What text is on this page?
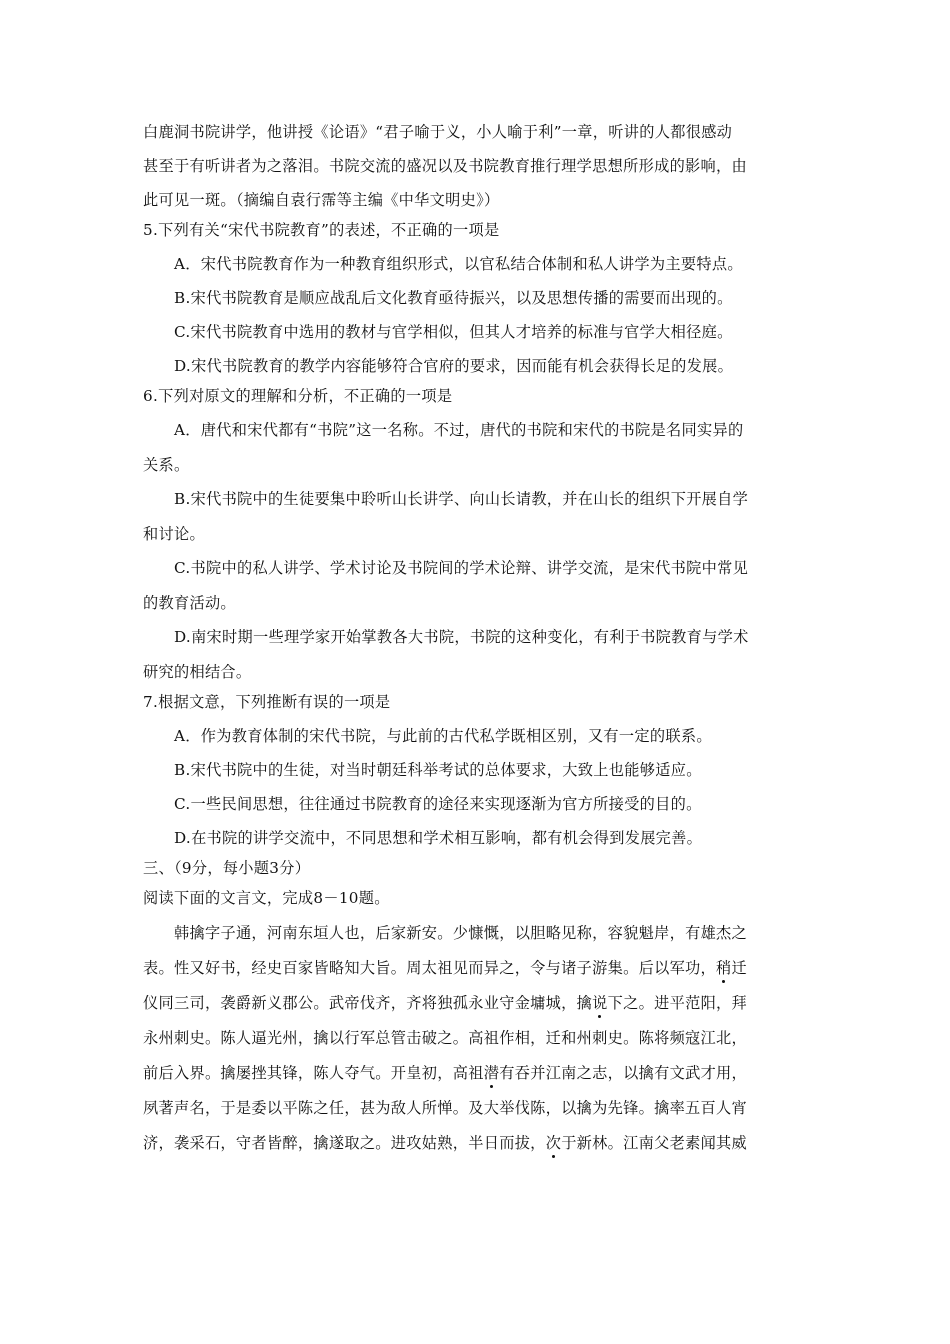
白鹿洞书院讲学，他讲授《论语》“君子喻于义，小人喻于利”一章，听讲的人都很感动
甚至于有听讲者为之落泪。书院交流的盛况以及书院教育推行理学思想所形成的影响，由
此可见一斑。（摘编自袁行霈等主编《中华文明史》）
5.下列有关“宋代书院教育”的表述，不正确的一项是
A．宋代书院教育作为一种教育组织形式，以官私结合体制和私人讲学为主要特点。
B.宋代书院教育是顺应战乱后文化教育亟待振兴，以及思想传播的需要而出现的。
C.宋代书院教育中选用的教材与官学相似，但其人才培养的标准与官学大相径庭。
D.宋代书院教育的教学内容能够符合官府的要求，因而能有机会获得长足的发展。
6.下列对原文的理解和分析，不正确的一项是
A．唐代和宋代都有“书院”这一名称。不过，唐代的书院和宋代的书院是名同实异的
关系。
B.宋代书院中的生徒要集中聆听山长讲学、向山长请教，并在山长的组织下开展自学
和讨论。
C.书院中的私人讲学、学术讨论及书院间的学术论辩、讲学交流，是宋代书院中常见
的教育活动。
D.南宋时期一些理学家开始掌教各大书院，书院的这种变化，有利于书院教育与学术
研究的相结合。
7.根据文意，下列推断有误的一项是
A．作为教育体制的宋代书院，与此前的古代私学既相区别，又有一定的联系。
B.宋代书院中的生徒，对当时朝廷科举考试的总体要求，大致上也能够适应。
C.一些民间思想，往往通过书院教育的途径来实现逐渐为官方所接受的目的。
D.在书院的讲学交流中，不同思想和学术相互影响，都有机会得到发展完善。
三、（9分，每小题3分）
阅读下面的文言文，完成8－10题。
韩擒字子通，河南东垣人也，后家新安。少慷慨，以胆略见称，容貌魁岸，有雄杰之
表。性又好书，经史百家皆略知大旨。周太祖见而异之，令与诸子游集。后以军功，稍迁
仪同三司，袭爵新义郡公。武帝伐齐，齐将独孤永业守金墉城，擒说下之。进平范阳，拜
永州刺史。陈人逼光州，擒以行军总管击破之。高祖作相，迁和州刺史。陈将频寇江北，
前后入界。擒屡挫其锋，陈人夺气。开皇初，高祖潜有吞并江南之志，以擒有文武才用，
夙著声名，于是委以平陈之任，甚为敌人所惮。及大举伐陈，以擒为先锋。擒率五百人宵
济，袭采石，守者皆醉，擒遂取之。进攻姑熟，半日而拔，次于新林。江南父老素闻其威
